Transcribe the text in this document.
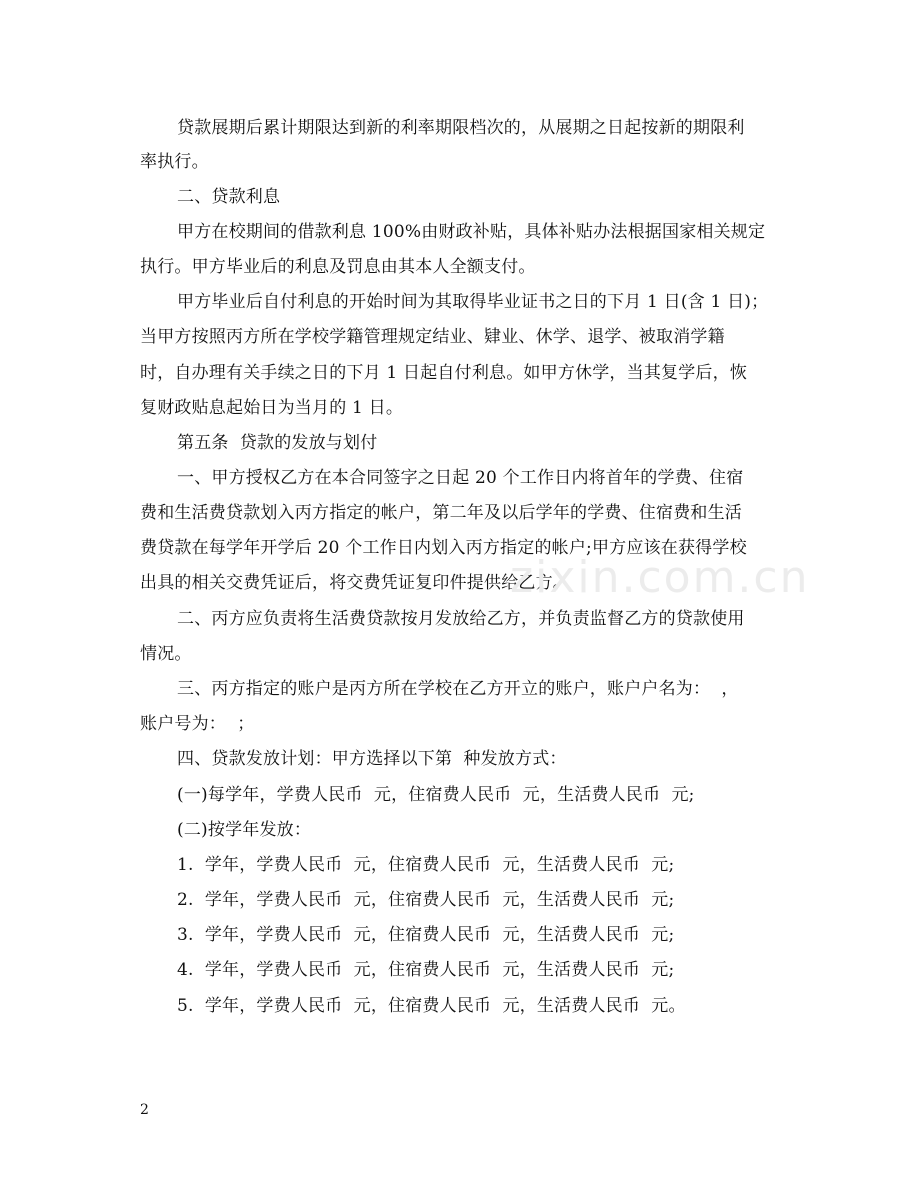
贷款展期后累计期限达到新的利率期限档次的，从展期之日起按新的期限利
率执行。
二、贷款利息
甲方在校期间的借款利息 100%由财政补贴，具体补贴办法根据国家相关规定
执行。甲方毕业后的利息及罚息由其本人全额支付。
甲方毕业后自付利息的开始时间为其取得毕业证书之日的下月 1 日(含 1 日)；
当甲方按照丙方所在学校学籍管理规定结业、肄业、休学、退学、被取消学籍
时，自办理有关手续之日的下月 1 日起自付利息。如甲方休学，当其复学后，恢
复财政贴息起始日为当月的 1 日。
第五条  贷款的发放与划付
一、甲方授权乙方在本合同签字之日起 20 个工作日内将首年的学费、住宿
费和生活费贷款划入丙方指定的帐户，第二年及以后学年的学费、住宿费和生活
费贷款在每学年开学后 20 个工作日内划入丙方指定的帐户;甲方应该在获得学校
出具的相关交费凭证后，将交费凭证复印件提供给乙方。
二、丙方应负责将生活费贷款按月发放给乙方，并负责监督乙方的贷款使用
情况。
三、丙方指定的账户是丙方所在学校在乙方开立的账户，账户户名为：  ，
账户号为：  ；
四、贷款发放计划：甲方选择以下第  种发放方式：
(一)每学年，学费人民币  元，住宿费人民币  元，生活费人民币  元;
(二)按学年发放：
1.  学年，学费人民币  元，住宿费人民币  元，生活费人民币  元;
2.  学年，学费人民币  元，住宿费人民币  元，生活费人民币  元;
3.  学年，学费人民币  元，住宿费人民币  元，生活费人民币  元;
4.  学年，学费人民币  元，住宿费人民币  元，生活费人民币  元;
5.  学年，学费人民币  元，住宿费人民币  元，生活费人民币  元。
zixin.com.cn
2
